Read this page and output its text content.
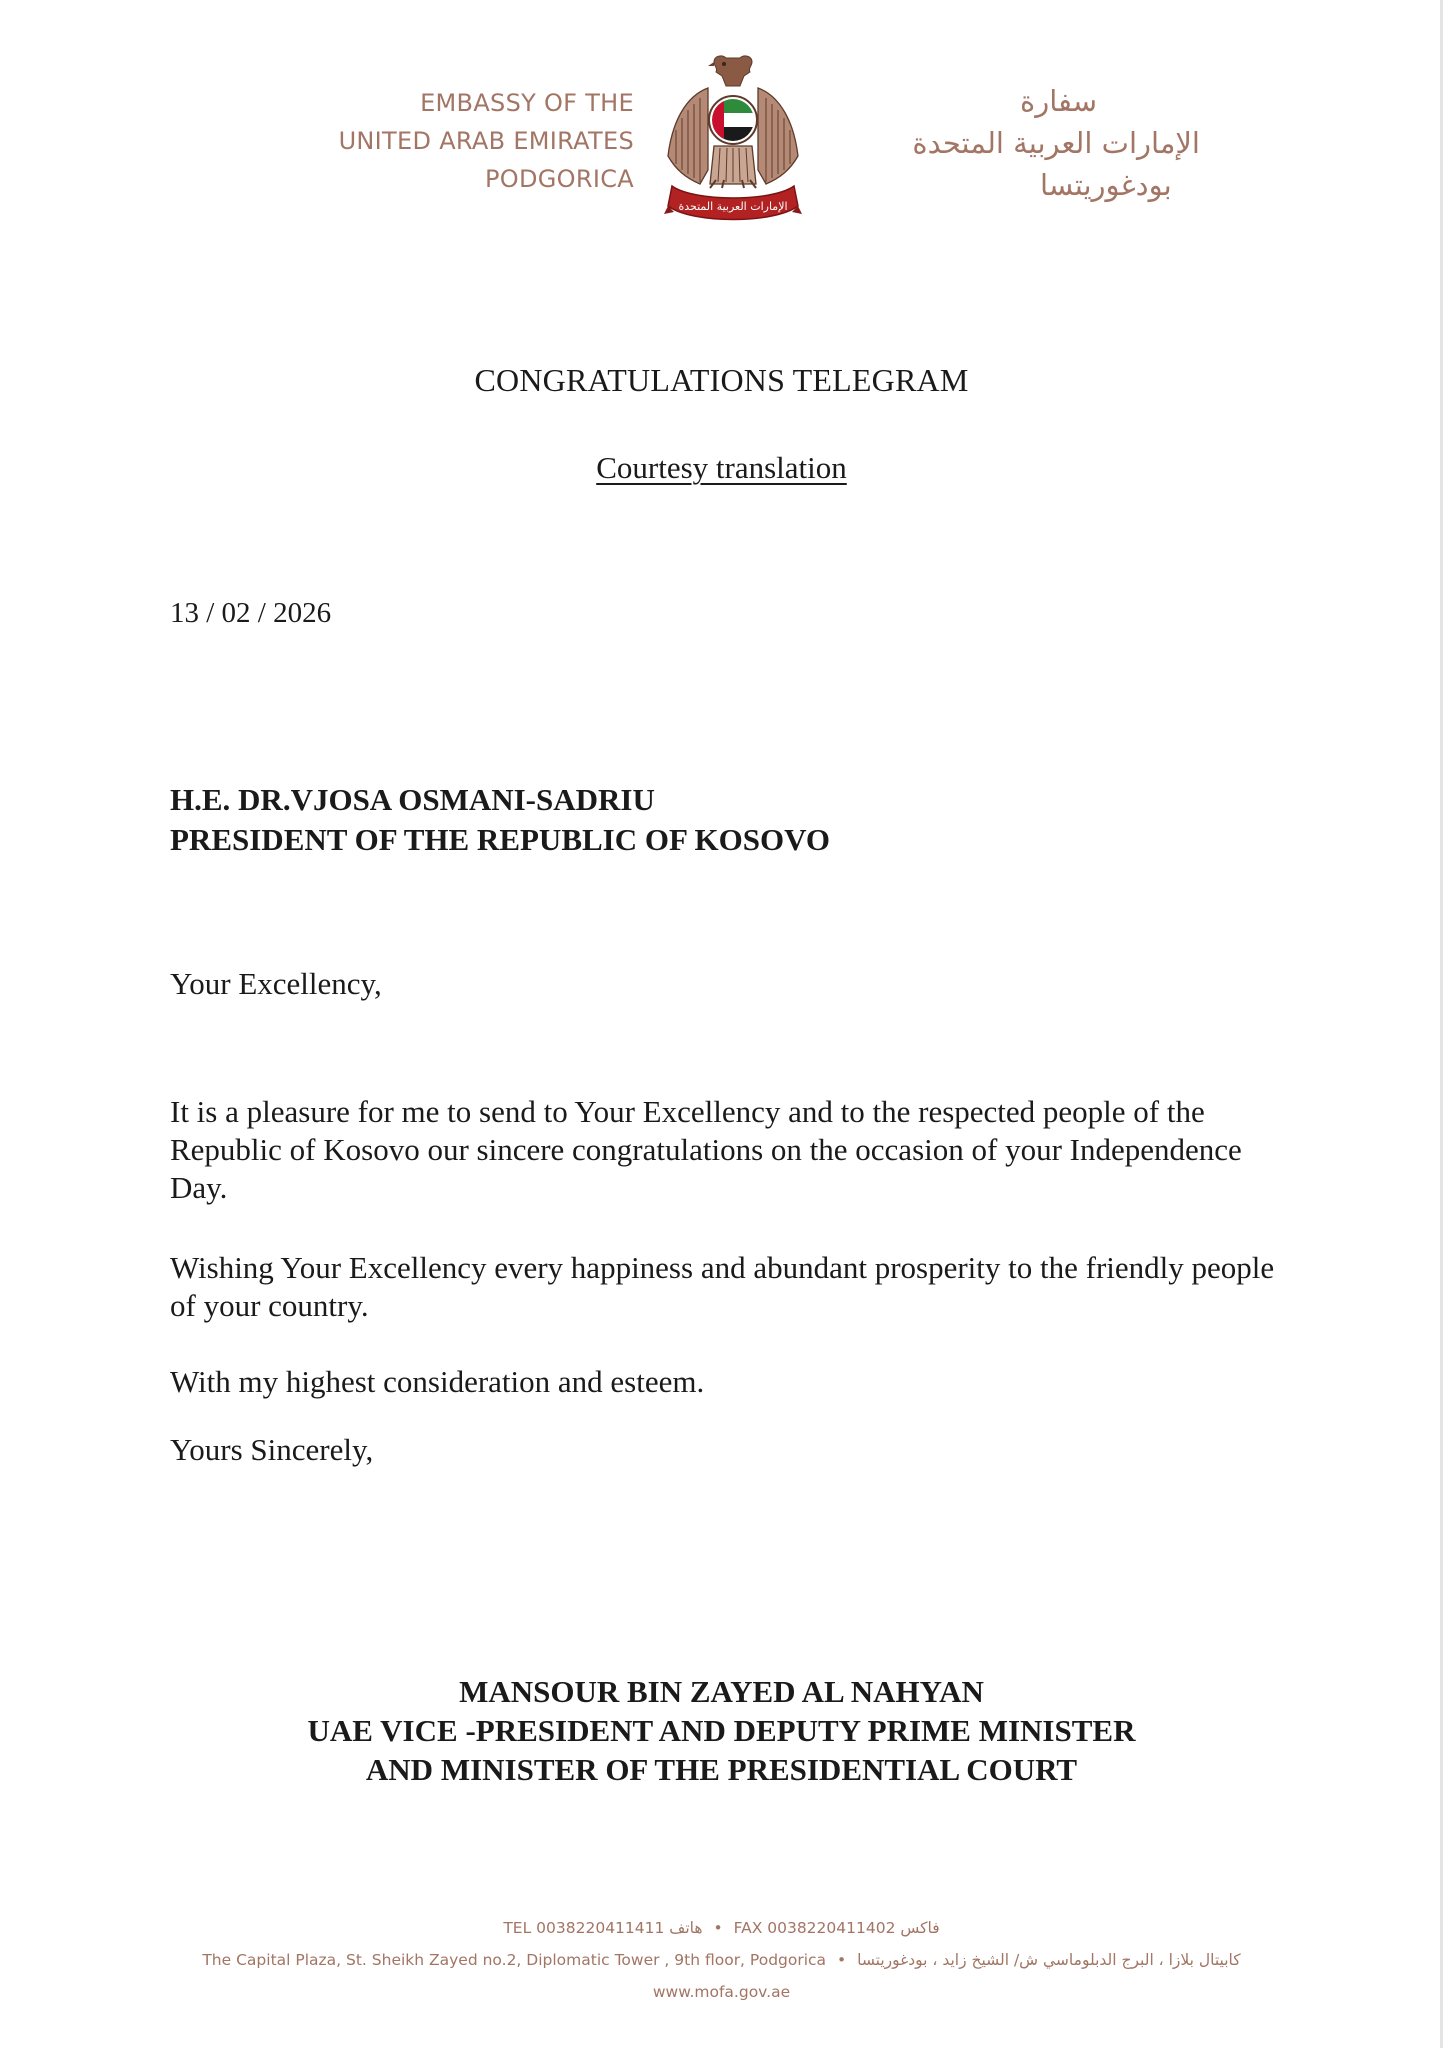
EMBASSY OF THE
UNITED ARAB EMIRATES
PODGORICA
الإمارات العربية المتحدة
سفارة
الإمارات العربية المتحدة
بودغوريتسا
CONGRATULATIONS TELEGRAM
Courtesy translation
13 / 02 / 2026
H.E. DR.VJOSA OSMANI-SADRIU
PRESIDENT OF THE REPUBLIC OF KOSOVO
Your Excellency,
It is a pleasure for me to send to Your Excellency and to the respected people of the Republic of Kosovo our sincere congratulations on the occasion of your Independence Day.
Wishing Your Excellency every happiness and abundant prosperity to the friendly people of your country.
With my highest consideration and esteem.
Yours Sincerely,
MANSOUR BIN ZAYED AL NAHYAN
UAE VICE -PRESIDENT AND DEPUTY PRIME MINISTER
AND MINISTER OF THE PRESIDENTIAL COURT
TEL 0038220411411 هاتف • FAX 0038220411402 فاكس
The Capital Plaza, St. Sheikh Zayed no.2, Diplomatic Tower , 9th floor, Podgorica • كابيتال بلازا ، البرج الدبلوماسي ش/ الشيخ زايد ، بودغوريتسا
www.mofa.gov.ae
